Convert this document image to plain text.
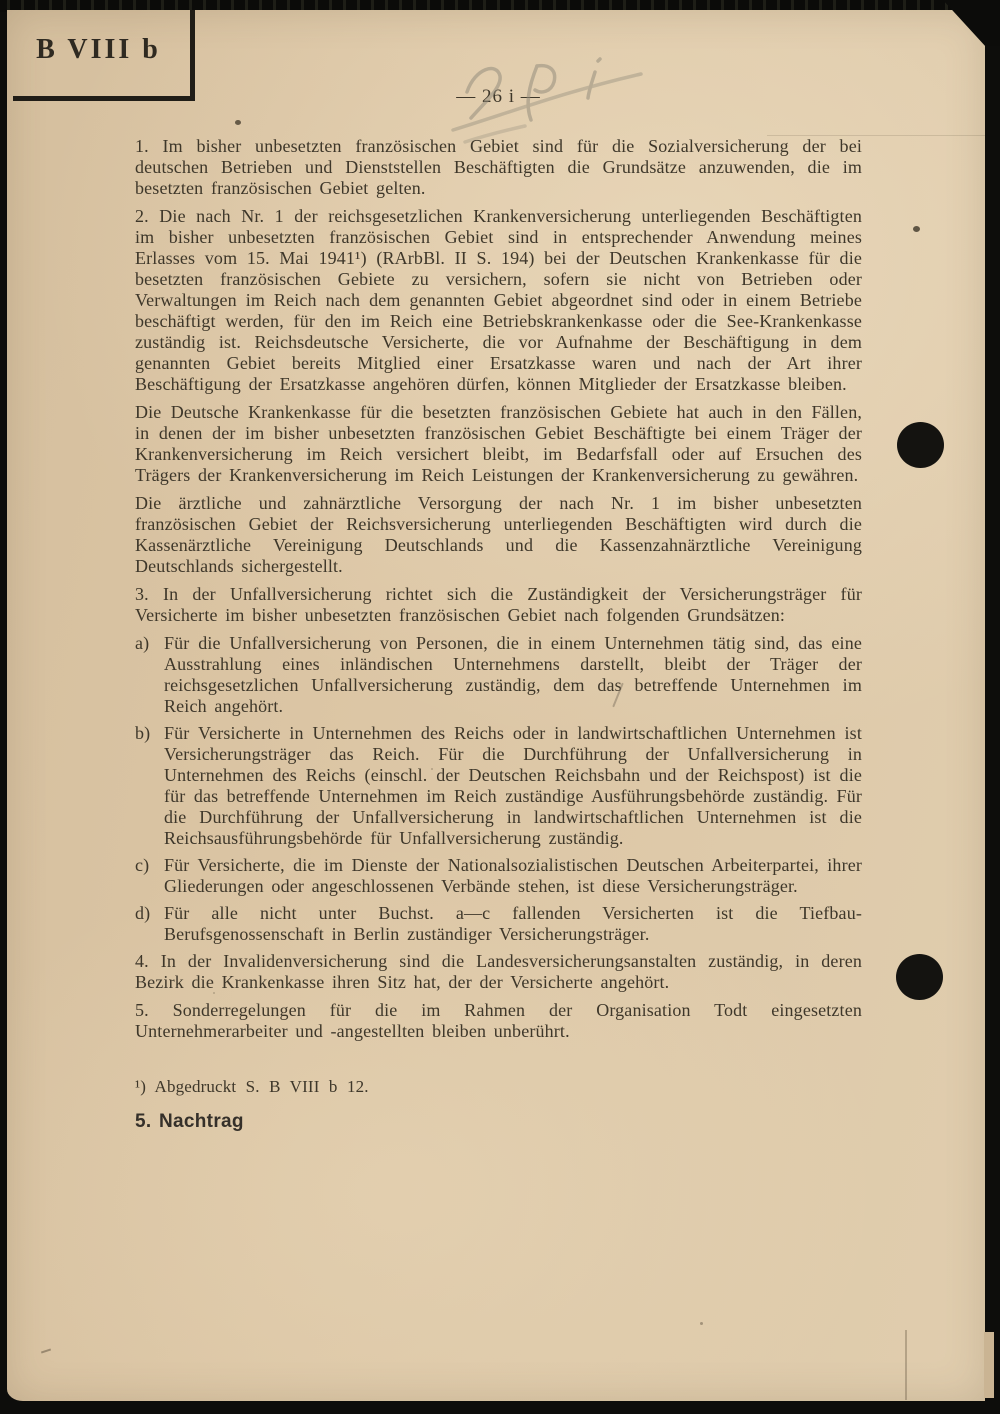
B VIII b
— 26 i —

1. Im bisher unbesetzten französischen Gebiet sind für die Sozialversicherung der bei deutschen Betrieben und Dienststellen Beschäftigten die Grundsätze anzuwenden, die im besetzten französischen Gebiet gelten.

2. Die nach Nr. 1 der reichsgesetzlichen Krankenversicherung unterliegenden Beschäftigten im bisher unbesetzten französischen Gebiet sind in entsprechender Anwendung meines Erlasses vom 15. Mai 1941¹) (RArbBl. II S. 194) bei der Deutschen Krankenkasse für die besetzten französischen Gebiete zu versichern, sofern sie nicht von Betrieben oder Verwaltungen im Reich nach dem genannten Gebiet abgeordnet sind oder in einem Betriebe beschäftigt werden, für den im Reich eine Betriebskrankenkasse oder die See-Krankenkasse zuständig ist. Reichsdeutsche Versicherte, die vor Aufnahme der Beschäftigung in dem genannten Gebiet bereits Mitglied einer Ersatzkasse waren und nach der Art ihrer Beschäftigung der Ersatzkasse angehören dürfen, können Mitglieder der Ersatzkasse bleiben.

Die Deutsche Krankenkasse für die besetzten französischen Gebiete hat auch in den Fällen, in denen der im bisher unbesetzten französischen Gebiet Beschäftigte bei einem Träger der Krankenversicherung im Reich versichert bleibt, im Bedarfsfall oder auf Ersuchen des Trägers der Krankenversicherung im Reich Leistungen der Krankenversicherung zu gewähren.

Die ärztliche und zahnärztliche Versorgung der nach Nr. 1 im bisher unbesetzten französischen Gebiet der Reichsversicherung unterliegenden Beschäftigten wird durch die Kassenärztliche Vereinigung Deutschlands und die Kassenzahnärztliche Vereinigung Deutschlands sichergestellt.

3. In der Unfallversicherung richtet sich die Zuständigkeit der Versicherungsträger für Versicherte im bisher unbesetzten französischen Gebiet nach folgenden Grundsätzen:

a) Für die Unfallversicherung von Personen, die in einem Unternehmen tätig sind, das eine Ausstrahlung eines inländischen Unternehmens darstellt, bleibt der Träger der reichsgesetzlichen Unfallversicherung zuständig, dem das betreffende Unternehmen im Reich angehört.
b) Für Versicherte in Unternehmen des Reichs oder in landwirtschaftlichen Unternehmen ist Versicherungsträger das Reich. Für die Durchführung der Unfallversicherung in Unternehmen des Reichs (einschl. der Deutschen Reichsbahn und der Reichspost) ist die für das betreffende Unternehmen im Reich zuständige Ausführungsbehörde zuständig. Für die Durchführung der Unfallversicherung in landwirtschaftlichen Unternehmen ist die Reichsausführungsbehörde für Unfallversicherung zuständig.
c) Für Versicherte, die im Dienste der Nationalsozialistischen Deutschen Arbeiterpartei, ihrer Gliederungen oder angeschlossenen Verbände stehen, ist diese Versicherungsträger.
d) Für alle nicht unter Buchst. a—c fallenden Versicherten ist die Tiefbau-Berufsgenossenschaft in Berlin zuständiger Versicherungsträger.

4. In der Invalidenversicherung sind die Landesversicherungsanstalten zuständig, in deren Bezirk die Krankenkasse ihren Sitz hat, der der Versicherte angehört.

5. Sonderregelungen für die im Rahmen der Organisation Todt eingesetzten Unternehmerarbeiter und -angestellten bleiben unberührt.

¹) Abgedruckt S. B VIII b 12.
5. Nachtrag
